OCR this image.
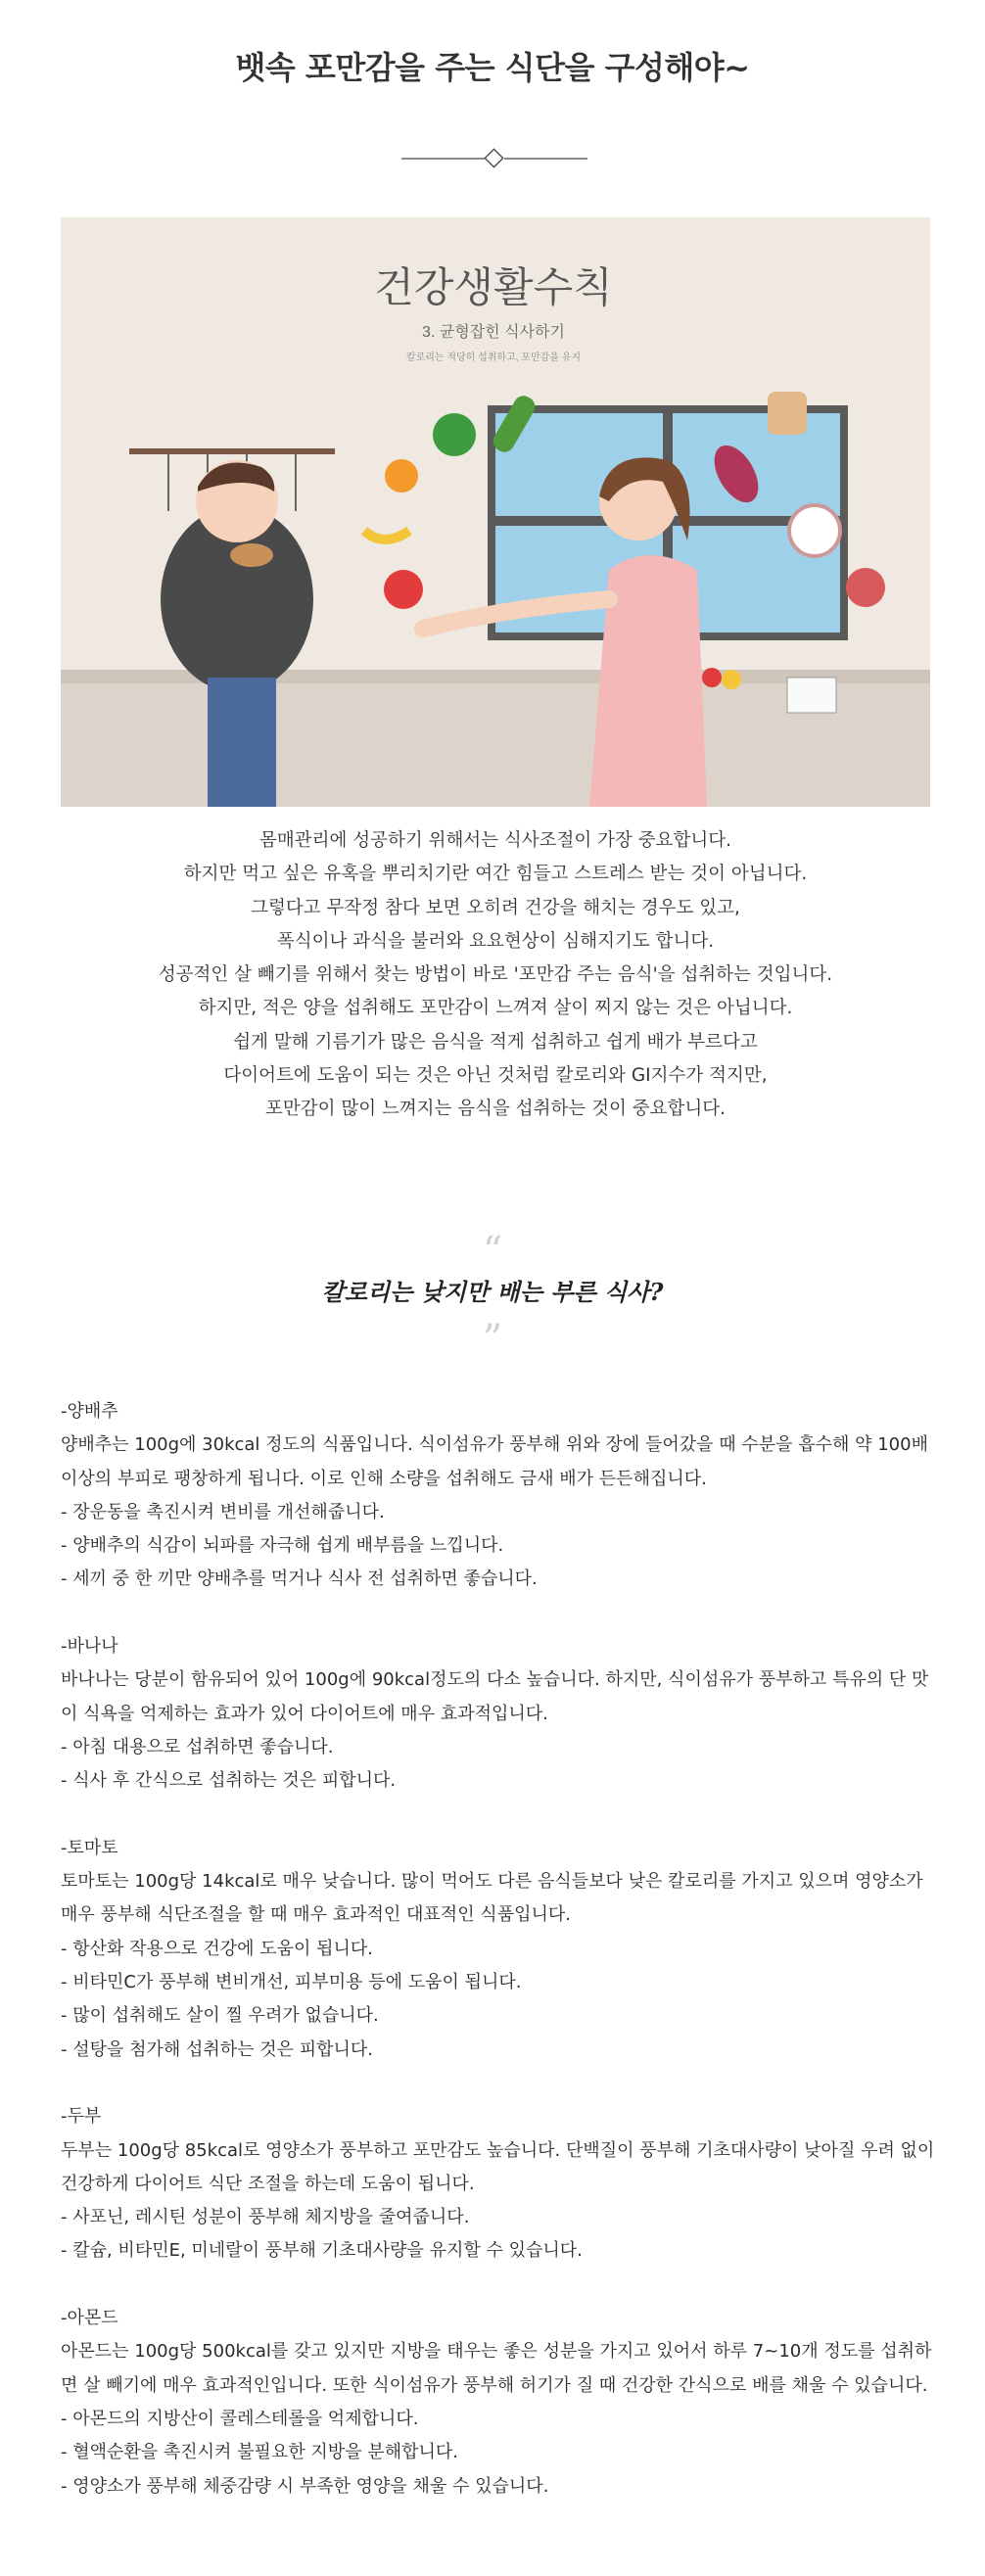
뱃속 포만감을 주는 식단을 구성해야~
건강생활수칙
3. 균형잡힌 식사하기
칼로리는 적당히 섭취하고, 포만감을 유지

몸매관리에 성공하기 위해서는 식사조절이 가장 중요합니다.

하지만 먹고 싶은 유혹을 뿌리치기란 여간 힘들고 스트레스 받는 것이 아닙니다.

그렇다고 무작정 참다 보면 오히려 건강을 해치는 경우도 있고,

폭식이나 과식을 불러와 요요현상이 심해지기도 합니다.

성공적인 살 빼기를 위해서 찾는 방법이 바로 '포만감 주는 음식'을 섭취하는 것입니다.

하지만, 적은 양을 섭취해도 포만감이 느껴져 살이 찌지 않는 것은 아닙니다.

쉽게 말해 기름기가 많은 음식을 적게 섭취하고 쉽게 배가 부르다고

다이어트에 도움이 되는 것은 아닌 것처럼 칼로리와 GI지수가 적지만,

포만감이 많이 느껴지는 음식을 섭취하는 것이 중요합니다.

“
칼로리는 낮지만 배는 부른 식사?
”

-양배추

양배추는 100g에 30kcal 정도의 식품입니다. 식이섬유가 풍부해 위와 장에 들어갔을 때 수분을 흡수해 약 100배 이상의 부피로 팽창하게 됩니다. 이로 인해 소량을 섭취해도 금새 배가 든든해집니다.

- 장운동을 촉진시켜 변비를 개선해줍니다.

- 양배추의 식감이 뇌파를 자극해 쉽게 배부름을 느낍니다.

- 세끼 중 한 끼만 양배추를 먹거나 식사 전 섭취하면 좋습니다.

-바나나

바나나는 당분이 함유되어 있어 100g에 90kcal정도의 다소 높습니다. 하지만, 식이섬유가 풍부하고 특유의 단 맛이 식욕을 억제하는 효과가 있어 다이어트에 매우 효과적입니다.

- 아침 대용으로 섭취하면 좋습니다.

- 식사 후 간식으로 섭취하는 것은 피합니다.

-토마토

토마토는 100g당 14kcal로 매우 낮습니다. 많이 먹어도 다른 음식들보다 낮은 칼로리를 가지고 있으며 영양소가 매우 풍부해 식단조절을 할 때 매우 효과적인 대표적인 식품입니다.

- 항산화 작용으로 건강에 도움이 됩니다.

- 비타민C가 풍부해 변비개선, 피부미용 등에 도움이 됩니다.

- 많이 섭취해도 살이 찔 우려가 없습니다.

- 설탕을 첨가해 섭취하는 것은 피합니다.

-두부

두부는 100g당 85kcal로 영양소가 풍부하고 포만감도 높습니다. 단백질이 풍부해 기초대사량이 낮아질 우려 없이 건강하게 다이어트 식단 조절을 하는데 도움이 됩니다.

- 사포닌, 레시틴 성분이 풍부해 체지방을 줄여줍니다.

- 칼슘, 비타민E, 미네랄이 풍부해 기초대사량을 유지할 수 있습니다.

-아몬드

아몬드는 100g당 500kcal를 갖고 있지만 지방을 태우는 좋은 성분을 가지고 있어서 하루 7~10개 정도를 섭취하면 살 빼기에 매우 효과적인입니다. 또한 식이섬유가 풍부해 허기가 질 때 건강한 간식으로 배를 채울 수 있습니다.

- 아몬드의 지방산이 콜레스테롤을 억제합니다.

- 혈액순환을 촉진시켜 불필요한 지방을 분해합니다.

- 영양소가 풍부해 체중감량 시 부족한 영양을 채울 수 있습니다.
